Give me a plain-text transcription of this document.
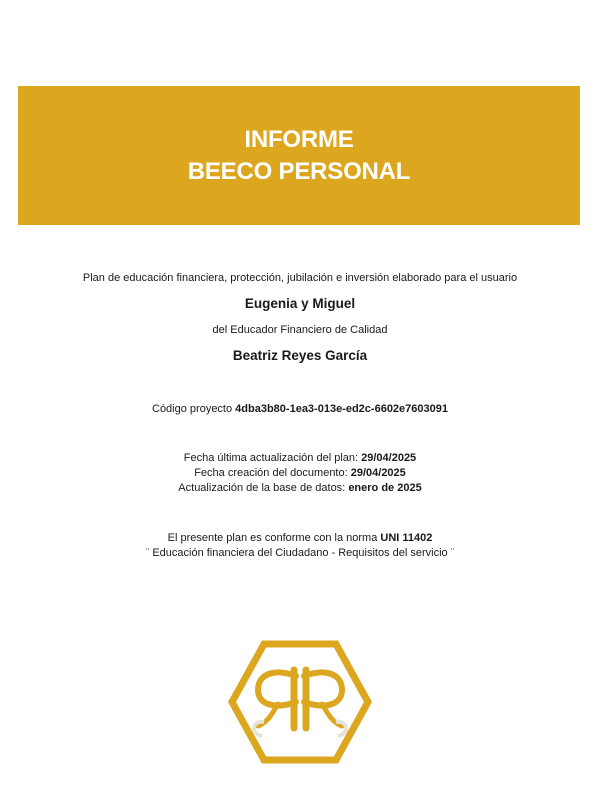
INFORME
BEECO PERSONAL
Plan de educación financiera, protección, jubilación e inversión elaborado para el usuario
Eugenia y Miguel
del Educador Financiero de Calidad
Beatriz Reyes García
Código proyecto 4dba3b80-1ea3-013e-ed2c-6602e7603091
Fecha última actualización del plan: 29/04/2025
Fecha creación del documento: 29/04/2025
Actualización de la base de datos: enero de 2025
El presente plan es conforme con la norma UNI 11402
¨ Educación financiera del Ciudadano - Requisitos del servicio ¨
